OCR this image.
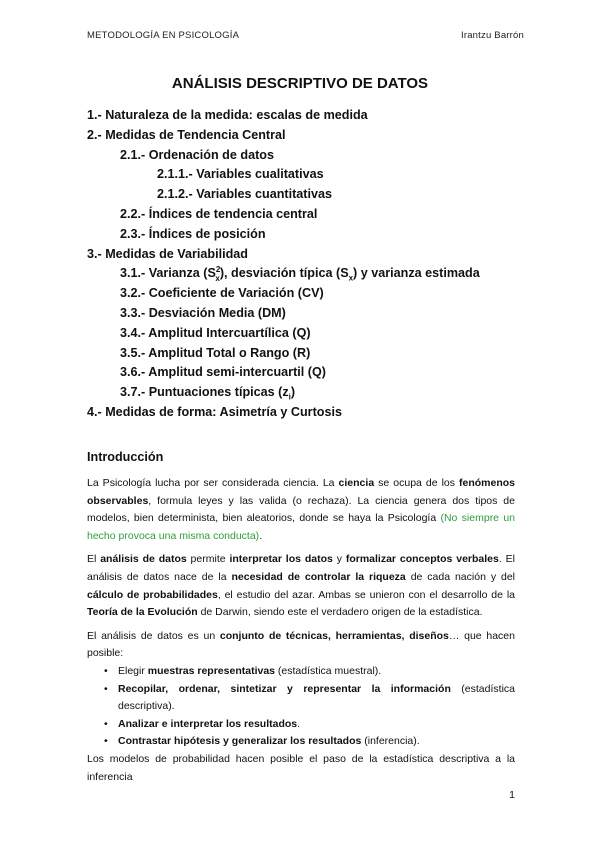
METODOLOGÍA EN PSICOLOGÍA	Irantzu Barrón
ANÁLISIS DESCRIPTIVO DE DATOS
1.- Naturaleza de la medida: escalas de medida
2.- Medidas de Tendencia Central
2.1.- Ordenación de datos
2.1.1.- Variables cualitativas
2.1.2.- Variables cuantitativas
2.2.- Índices de tendencia central
2.3.- Índices de posición
3.- Medidas de Variabilidad
3.1.- Varianza $(S^2_x)$, desviación típica $(S_x)$ y varianza estimada
3.2.- Coeficiente de Variación (CV)
3.3.- Desviación Media (DM)
3.4.- Amplitud Intercuartílica (Q)
3.5.- Amplitud Total o Rango (R)
3.6.- Amplitud semi-intercuartil (Q)
3.7.- Puntuaciones típicas $(z_i)$
4.- Medidas de forma: Asimetría y Curtosis
Introducción

La Psicología lucha por ser considerada ciencia. La ciencia se ocupa de los fenómenos observables, formula leyes y las valida (o rechaza). La ciencia genera dos tipos de modelos, bien determinista, bien aleatorios, donde se haya la Psicología (No siempre un hecho provoca una misma conducta).

El análisis de datos permite interpretar los datos y formalizar conceptos verbales. El análisis de datos nace de la necesidad de controlar la riqueza de cada nación y del cálculo de probabilidades, el estudio del azar. Ambas se unieron con el desarrollo de la Teoría de la Evolución de Darwin, siendo este el verdadero origen de la estadística.

El análisis de datos es un conjunto de técnicas, herramientas, diseños… que hacen posible:

• Elegir muestras representativas (estadística muestral).
• Recopilar, ordenar, sintetizar y representar la información (estadística descriptiva).
• Analizar e interpretar los resultados.
• Contrastar hipótesis y generalizar los resultados (inferencia).

Los modelos de probabilidad hacen posible el paso de la estadística descriptiva a la inferencia

1
